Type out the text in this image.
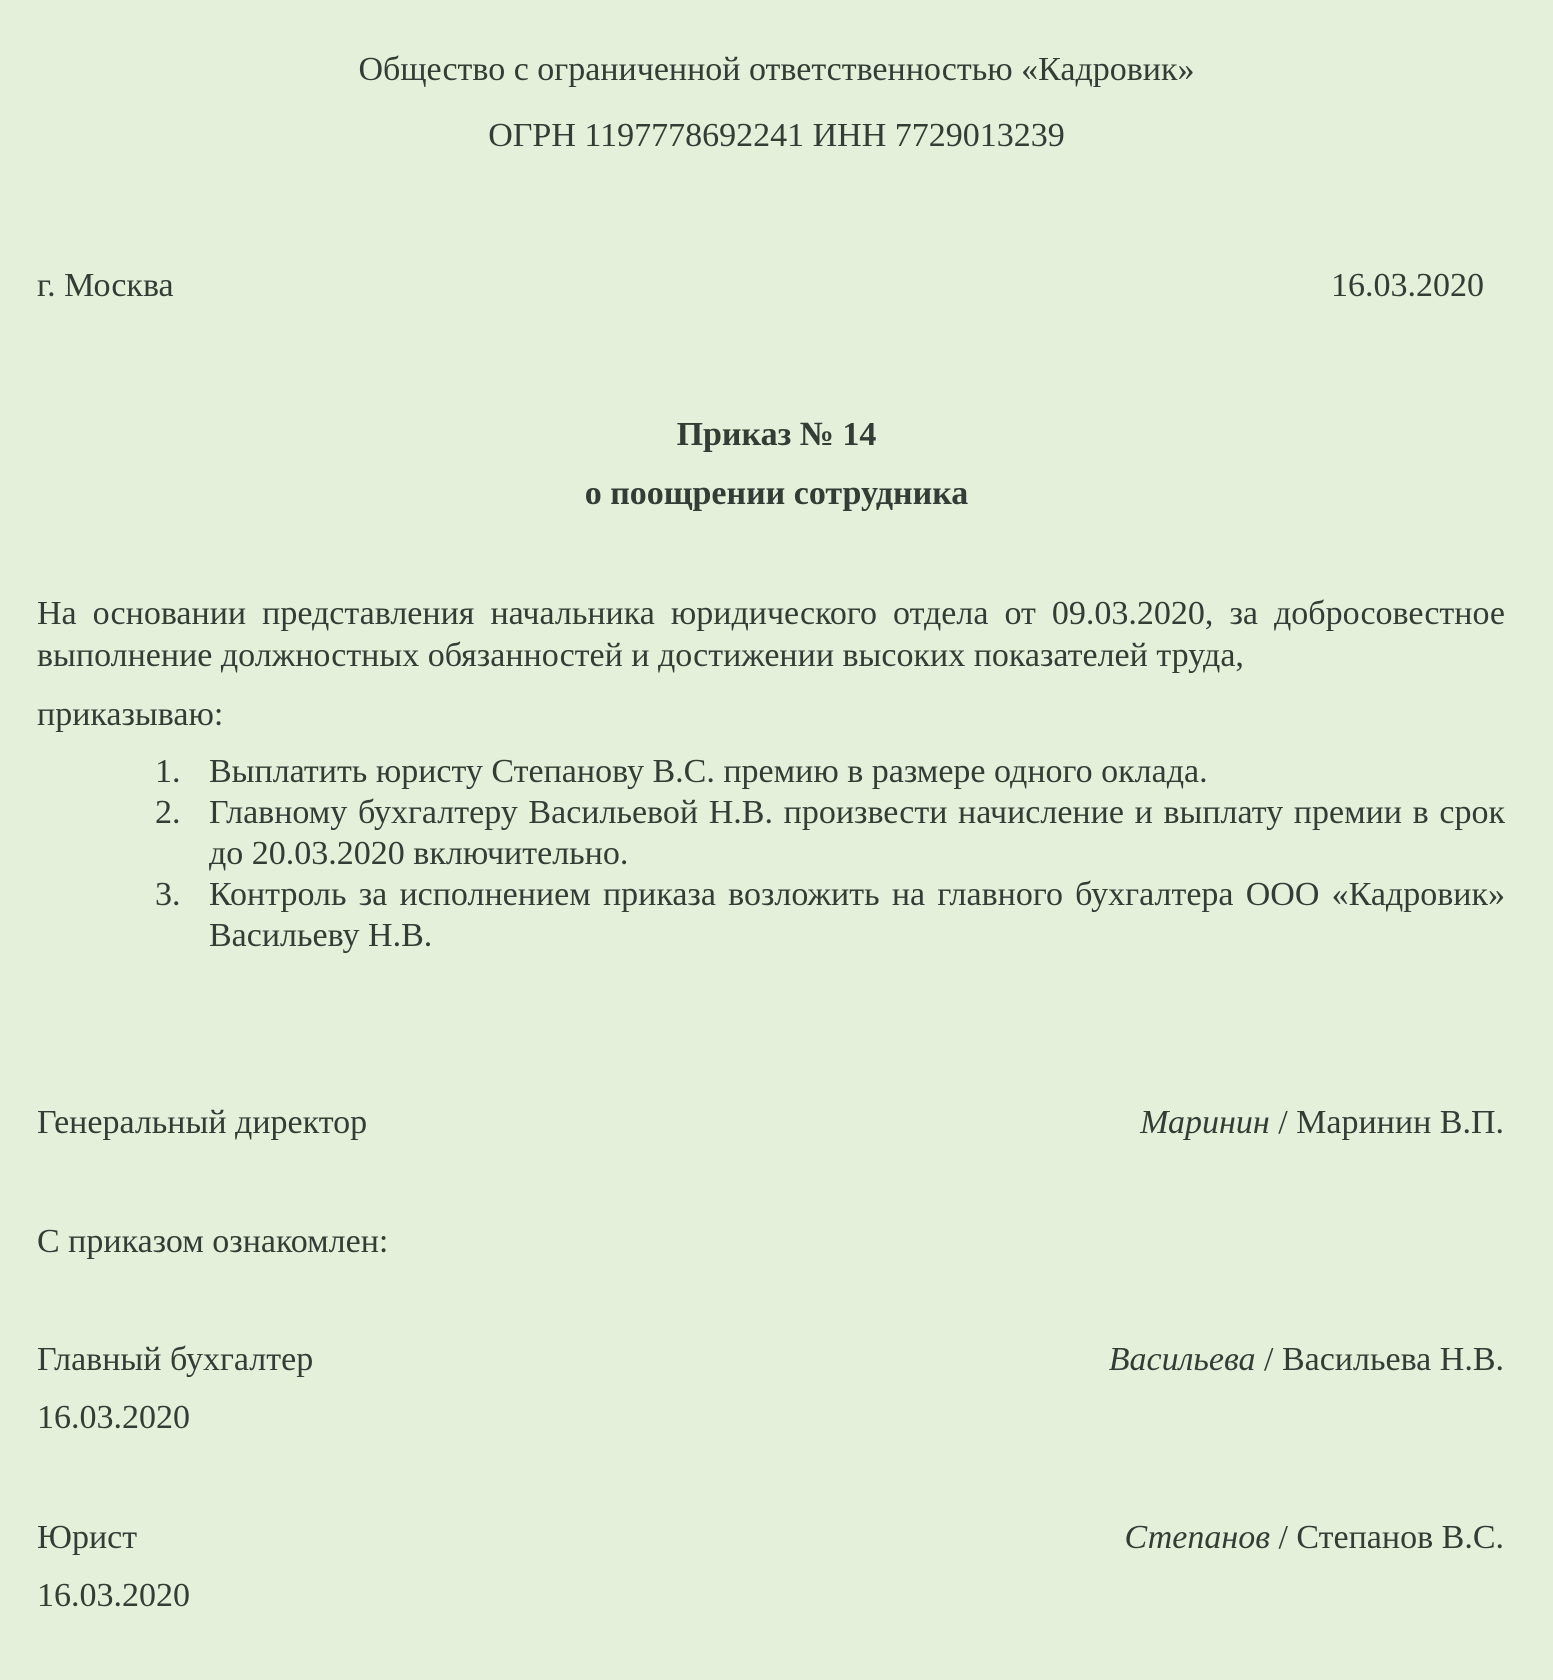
Общество с ограниченной ответственностью «Кадровик»
ОГРН 1197778692241 ИНН 7729013239
г. Москва	16.03.2020
Приказ № 14
о поощрении сотрудника
На основании представления начальника юридического отдела от 09.03.2020, за добросовестное выполнение должностных обязанностей и достижении высоких показателей труда,
приказываю:
1. Выплатить юристу Степанову В.С. премию в размере одного оклада.
2. Главному бухгалтеру Васильевой Н.В. произвести начисление и выплату премии в срок до 20.03.2020 включительно.
3. Контроль за исполнением приказа возложить на главного бухгалтера ООО «Кадровик» Васильеву Н.В.
Генеральный директор	Маринин / Маринин В.П.
С приказом ознакомлен:
Главный бухгалтер	Васильева / Васильева Н.В.
16.03.2020
Юрист	Степанов / Степанов В.С.
16.03.2020
